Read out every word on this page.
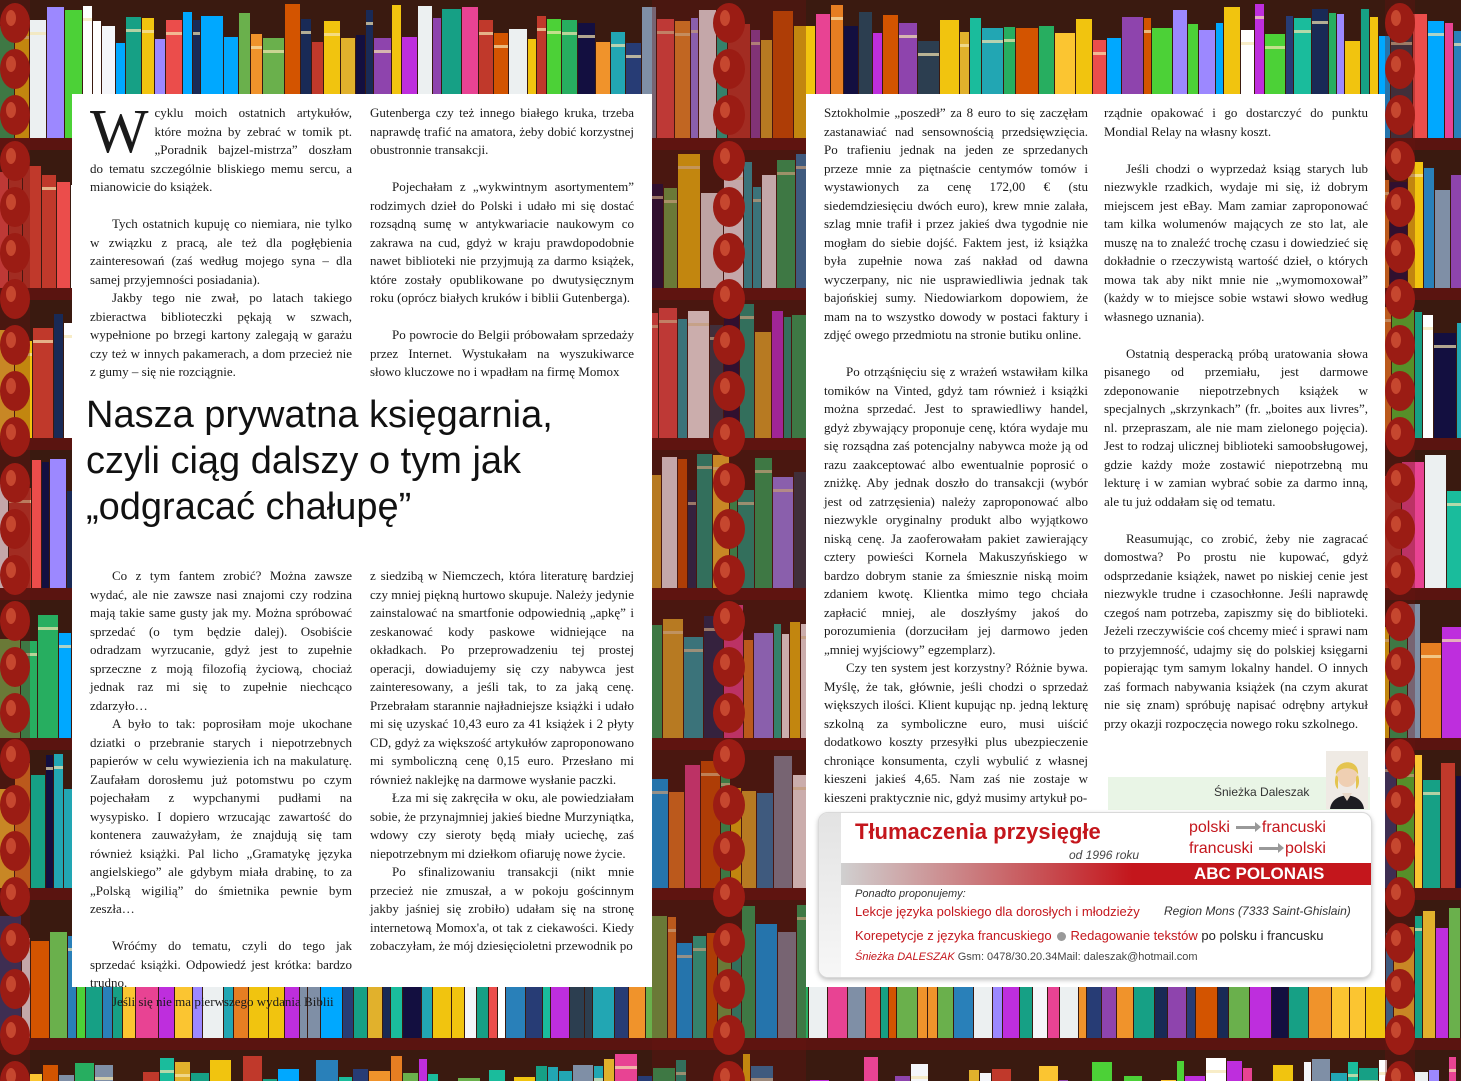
Wcyklu moich ostatnich artykułów, które można by zebrać w tomik pt. „Poradnik bajzel-mistrza” doszłam do tematu szczególnie bliskiego memu sercu, a mianowicie do książek.

Tych ostatnich kupuję co niemiara, nie tylko w związku z pracą, ale też dla pogłębienia zainteresowań (zaś według mojego syna – dla samej przyjemności posiadania).

Jakby tego nie zwał, po latach takiego zbieractwa biblioteczki pękają w szwach, wypełnione po brzegi kartony zalegają w garażu czy też w innych pakamerach, a dom przecież nie z gumy – się nie rozciągnie.

Gutenberga czy też innego białego kruka, trzeba naprawdę trafić na amatora, żeby dobić korzystnej obustronnie transakcji.

Pojechałam z „wykwintnym asortymentem” rodzimych dzieł do Polski i udało mi się dostać rozsądną sumę w antykwariacie naukowym co zakrawa na cud, gdyż w kraju prawdopodobnie nawet biblioteki nie przyjmują za darmo książek, które zostały opublikowane po dwutysięcznym roku (oprócz białych kruków i biblii Gutenberga).

Po powrocie do Belgii próbowałam sprzedaży przez Internet. Wystukałam na wyszukiwarce słowo kluczowe no i wpadłam na firmę Momox

Nasza prywatna księgarnia,
czyli ciąg dalszy o tym jak
„odgracać chałupę”

Co z tym fantem zrobić? Można zawsze wydać, ale nie zawsze nasi znajomi czy rodzina mają takie same gusty jak my. Można spróbować sprzedać (o tym będzie dalej). Osobiście odradzam wyrzucanie, gdyż jest to zupełnie sprzeczne z moją filozofią życiową, chociaż jednak raz mi się to zupełnie niechcąco zdarzyło…

A było to tak: poprosiłam moje ukochane dziatki o przebranie starych i niepotrzebnych papierów w celu wywiezienia ich na makulaturę. Zaufałam dorosłemu już potomstwu po czym pojechałam z wypchanymi pudłami na wysypisko. I dopiero wrzucając zawartość do kontenera zauważyłam, że znajdują się tam również książki. Pal licho „Gramatykę języka angielskiego” ale gdybym miała drabinę, to za „Polską wigilią” do śmietnika pewnie bym zeszła…

Wróćmy do tematu, czyli do tego jak sprzedać książki. Odpowiedź jest krótka: bardzo trudno.

Jeśli się nie ma pierwszego wydania Biblii

z siedzibą w Niemczech, która literaturę bardziej czy mniej piękną hurtowo skupuje. Należy jedynie zainstalować na smartfonie odpowiednią „apkę” i zeskanować kody paskowe widniejące na okładkach. Po przeprowadzeniu tej prostej operacji, dowiadujemy się czy nabywca jest zainteresowany, a jeśli tak, to za jaką cenę. Przebrałam starannie najładniejsze książki i udało mi się uzyskać 10,43 euro za 41 książek i 2 płyty CD, gdyż za większość artykułów zaproponowano mi symboliczną cenę 0,15 euro. Przesłano mi również naklejkę na darmowe wysłanie paczki.

Łza mi się zakręciła w oku, ale powiedziałam sobie, że przynajmniej jakieś biedne Murzyniątka, wdowy czy sieroty będą miały uciechę, zaś niepotrzebnym mi dziełkom ofiaruję nowe życie.

Po sfinalizowaniu transakcji (nikt mnie przecież nie zmuszał, a w pokoju gościnnym jakby jaśniej się zrobiło) udałam się na stronę internetową Momox'a, ot tak z ciekawości. Kiedy zobaczyłam, że mój dziesięcioletni przewodnik po

Sztokholmie „poszedł” za 8 euro to się zaczęłam zastanawiać nad sensownością przedsięwzięcia. Po trafieniu jednak na jeden ze sprzedanych przeze mnie za piętnaście centymów tomów i wystawionych za cenę 172,00 € (stu siedemdziesięciu dwóch euro), krew mnie zalała, szlag mnie trafił i przez jakieś dwa tygodnie nie mogłam do siebie dojść. Faktem jest, iż książka była zupełnie nowa zaś nakład od dawna wyczerpany, nic nie usprawiedliwia jednak tak bajońskiej sumy. Niedowiarkom dopowiem, że mam na to wszystko dowody w postaci faktury i zdjęć owego przedmiotu na stronie butiku online.

Po otrząśnięciu się z wrażeń wstawiłam kilka tomików na Vinted, gdyż tam również i książki można sprzedać. Jest to sprawiedliwy handel, gdyż zbywający proponuje cenę, która wydaje mu się rozsądna zaś potencjalny nabywca może ją od razu zaakceptować albo ewentualnie poprosić o zniżkę. Aby jednak doszło do transakcji (wybór jest od zatrzęsienia) należy zaproponować albo niezwykle oryginalny produkt albo wyjątkowo niską cenę. Ja zaoferowałam pakiet zawierający cztery powieści Kornela Makuszyńskiego w bardzo dobrym stanie za śmiesznie niską moim zdaniem kwotę. Klientka mimo tego chciała zapłacić mniej, ale doszłyśmy jakoś do porozumienia (dorzuciłam jej darmowo jeden „mniej wyjściowy” egzemplarz).

Czy ten system jest korzystny? Różnie bywa. Myślę, że tak, głównie, jeśli chodzi o sprzedaż większych ilości. Klient kupując np. jedną lekturę szkolną za symboliczne euro, musi uiścić dodatkowo koszty przesyłki plus ubezpieczenie chroniące konsumenta, czyli wybulić z własnej kieszeni jakieś 4,65. Nam zaś nie zostaje w kieszeni praktycznie nic, gdyż musimy artykuł po-

rządnie opakować i go dostarczyć do punktu Mondial Relay na własny koszt.

Jeśli chodzi o wyprzedaż ksiąg starych lub niezwykle rzadkich, wydaje mi się, iż dobrym miejscem jest eBay. Mam zamiar zaproponować tam kilka wolumenów mających ze sto lat, ale muszę na to znaleźć trochę czasu i dowiedzieć się dokładnie o rzeczywistą wartość dzieł, o których mowa tak aby nikt mnie nie „wymomoxował” (każdy w to miejsce sobie wstawi słowo według własnego uznania).

Ostatnią desperacką próbą uratowania słowa pisanego od przemiału, jest darmowe zdeponowanie niepotrzebnych książek w specjalnych „skrzynkach” (fr. „boites aux livres”, nl. przepraszam, ale nie mam zielonego pojęcia). Jest to rodzaj ulicznej biblioteki samoobsługowej, gdzie każdy może zostawić niepotrzebną mu lekturę i w zamian wybrać sobie za darmo inną, ale tu już oddałam się od tematu.

Reasumując, co zrobić, żeby nie zagracać domostwa? Po prostu nie kupować, gdyż odsprzedanie książek, nawet po niskiej cenie jest niezwykle trudne i czasochłonne. Jeśli naprawdę czegoś nam potrzeba, zapiszmy się do biblioteki. Jeżeli rzeczywiście coś chcemy mieć i sprawi nam to przyjemność, udajmy się do polskiej księgarni popierając tym samym lokalny handel. O innych zaś formach nabywania książek (na czym akurat nie się znam) spróbuję napisać odrębny artykuł przy okazji rozpoczęcia nowego roku szkolnego.

Śnieżka Daleszak
Tłumaczenia przysięgłe
od 1996 roku
polski francuski
francuski polski
ABC POLONAIS
Ponadto proponujemy:
Lekcje języka polskiego dla dorosłych i młodzieży Region Mons (7333 Saint-Ghislain)
Korepetycje z języka francuskiego Redagowanie tekstów po polsku i francusku
Śnieżka DALESZAK Gsm: 0478/30.20.34Mail: daleszak@hotmail.com
